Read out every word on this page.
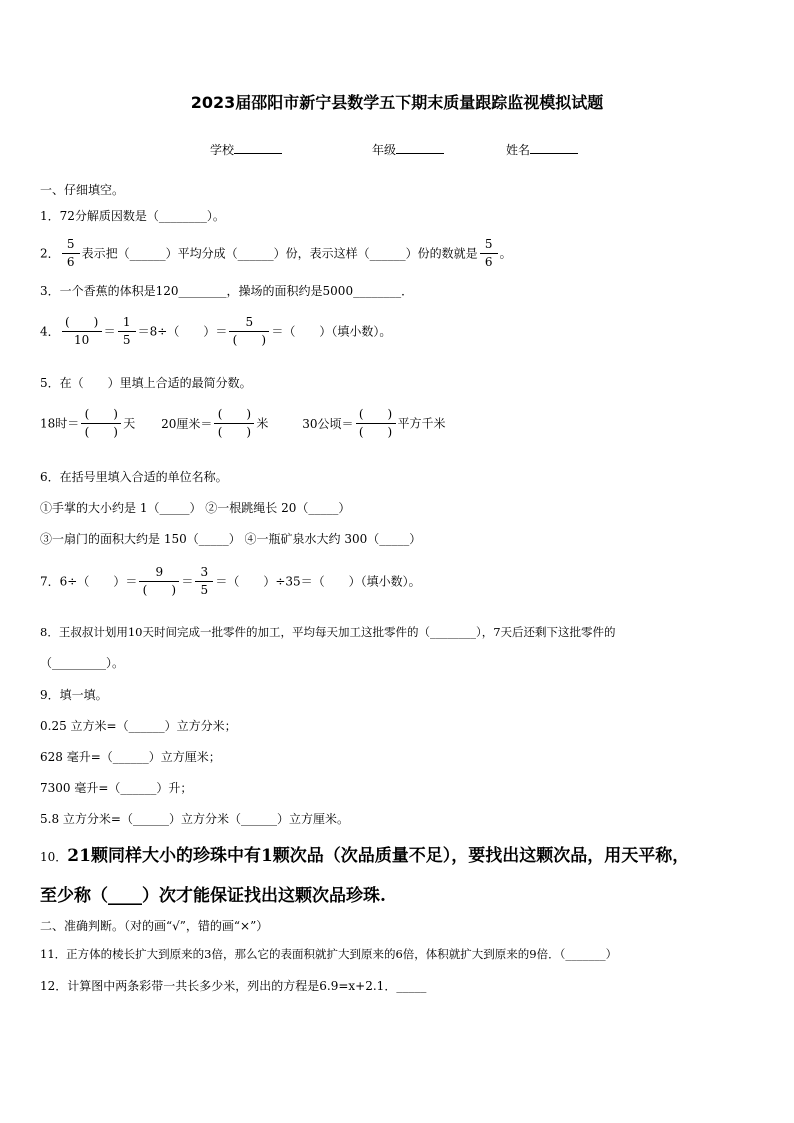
2023届邵阳市新宁县数学五下期末质量跟踪监视模拟试题
学校	年级	姓名
一、仔细填空。
1．72分解质因数是（________）。
2． $\frac{5}{6}$ 表示把（______）平均分成（______）份，表示这样（______）份的数就是 $\frac{5}{6}$ 。
3．一个香蕉的体积是120________，操场的面积约是5000________．
4． $\frac{( )}{10} = \frac{1}{5} =8\div$（　　）＝ $\frac{5}{( )}$ ＝（　　）（填小数）。
5．在（　　）里填上合适的最简分数。
18时＝ $\frac{( )}{( )}$ 天 20厘米＝ $\frac{( )}{( )}$ 米	30公顷＝ $\frac{( )}{( )}$ 平方千米
6．在括号里填入合适的单位名称。
①手掌的大小约是 1（_____） ②一根跳绳长 20（_____）
③一扇门的面积大约是 150（_____） ④一瓶矿泉水大约 300（_____）
7．6÷（　　）＝ $\frac{9}{( )} = \frac{3}{5}$ ＝（　　）÷35＝（　　）（填小数）。
8．王叔叔计划用10天时间完成一批零件的加工，平均每天加工这批零件的（________），7天后还剩下这批零件的
（_________）。
9．填一填。
0.25 立方米=（______）立方分米；
628 毫升=（______）立方厘米；
7300 毫升=（______）升；
5.8 立方分米=（______）立方分米（______）立方厘米。
10．21颗同样大小的珍珠中有1颗次品（次品质量不足），要找出这颗次品，用天平称，
至少称（____）次才能保证找出这颗次品珍珠.
二、准确判断。（对的画“√”，错的画“×”）
11．正方体的棱长扩大到原来的3倍，那么它的表面积就扩大到原来的6倍，体积就扩大到原来的9倍．（_______）
12．计算图中两条彩带一共长多少米，列出的方程是6.9=x+2.1．_____
